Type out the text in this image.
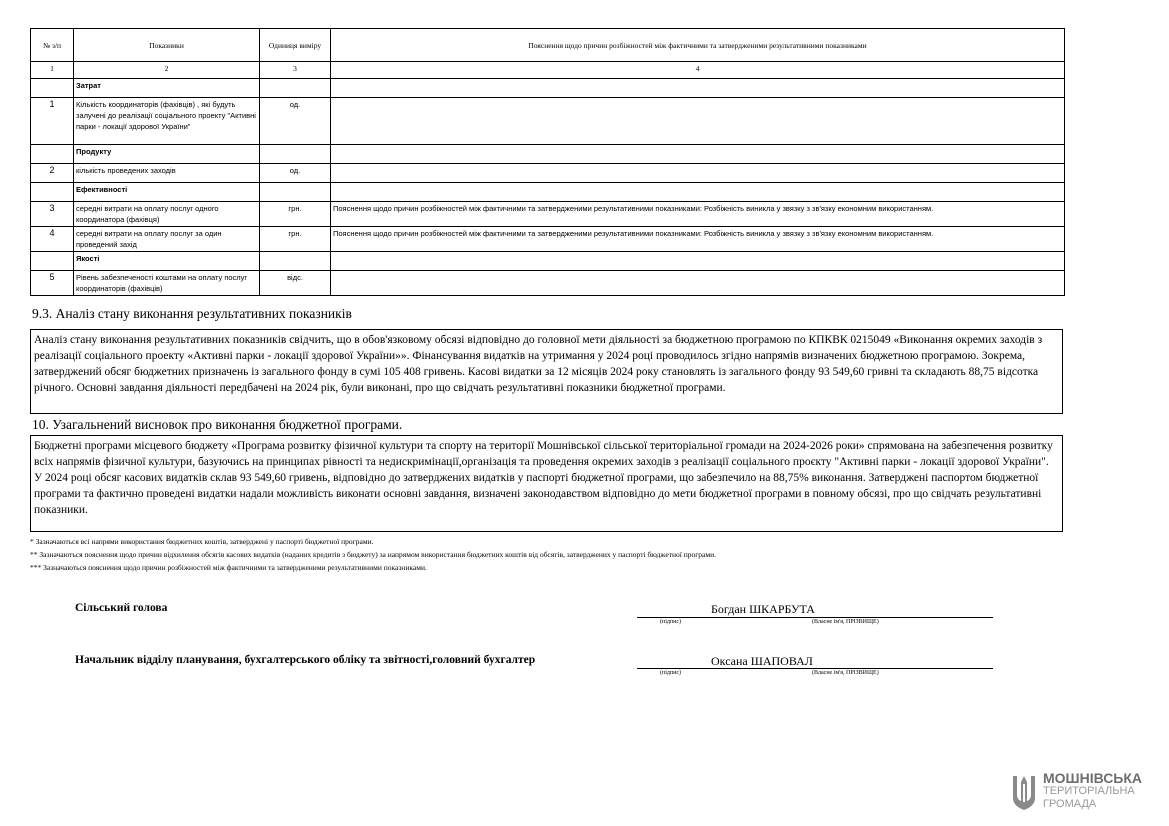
№ з/п	Показники	Одиниця виміру	Пояснення щодо причин розбіжностей між фактичними та затвердженими результативними показниками
1	2	3	4
	Затрат		
1	Кількість координаторів (фахівців) , які будуть залучені до реалізації соціального проекту "Активні парки - локації здорової України"	од.	
	Продукту		
2	кількість проведених заходів	од.	
	Ефективності		
3	середні витрати на оплату послуг одного координатора (фахівця)	грн.	Пояснення щодо причин розбіжностей між фактичними та затвердженими результативними показниками: Розбіжність виникла у звязку з зв'язку економним використанням.
4	середні витрати на оплату послуг за один проведений захід	грн.	Пояснення щодо причин розбіжностей між фактичними та затвердженими результативними показниками: Розбіжність виникла у звязку з зв'язку економним використанням.
	Якості		
5	Рівень забезпеченості коштами на оплату послуг координаторів (фахівців)	відс.	
9.3. Аналіз стану виконання результативних показників
Аналіз стану виконання результативних показників свідчить, що в обов'язковому обсязі відповідно до головної мети діяльності за бюджетною програмою по КПКВК 0215049 «Виконання окремих заходів з реалізації соціального проекту «Активні парки - локації здорової України»». Фінансування видатків на утримання у 2024 році проводилось згідно напрямів визначених бюджетною програмою. Зокрема, затверджений обсяг бюджетних призначень із загального фонду в сумі 105 408 гривень. Касові видатки за 12 місяців 2024 року становлять із загального фонду 93 549,60 гривні та складають 88,75 відсотка річного. Основні завдання діяльності передбачені на 2024 рік, були виконані, про що свідчать результативні показники бюджетної програми.
10. Узагальнений висновок про виконання бюджетної програми.
Бюджетні програми місцевого бюджету «Програма розвитку фізичної культури та спорту на території Мошнівської сільської територіальної громади на 2024-2026 роки» спрямована на забезпечення розвитку всіх напрямів фізичної культури, базуючись на принципах рівності та недискримінації,організація та проведення окремих заходів з реалізації соціального проєкту "Активні парки - локації здорової України". У 2024 році обсяг касових видатків склав 93 549,60 гривень, відповідно до затверджених видатків у паспорті бюджетної програми, що забезпечило на 88,75% виконання. Затверджені паспортом бюджетної програми та фактично проведені видатки надали можливість виконати основні завдання, визначені законодавством відповідно до мети бюджетної програми в повному обсязі, про що свідчать результативні показники.
* Зазначаються всі напрями використання бюджетних коштів, затверджені у паспорті бюджетної програми.
** Зазначаються пояснення щодо причин відхилення обсягів касових видатків (наданих кредитів з бюджету) за напрямом використання бюджетних коштів від обсягів, затверджених у паспорті бюджетної програми.
*** Зазначаються пояснення щодо причин розбіжностей між фактичними та затвердженими результативними показниками.
Сільський голова	Богдан ШКАРБУТА
(підпис)	(Власне ім'я, ПРІЗВИЩЕ)
Начальник відділу планування, бухгалтерського обліку та звітності,головний бухгалтер	Оксана ШАПОВАЛ
(підпис)	(Власне ім'я, ПРІЗВИЩЕ)
МОШНІВСЬКА
ТЕРИТОРІАЛЬНА
ГРОМАДА
